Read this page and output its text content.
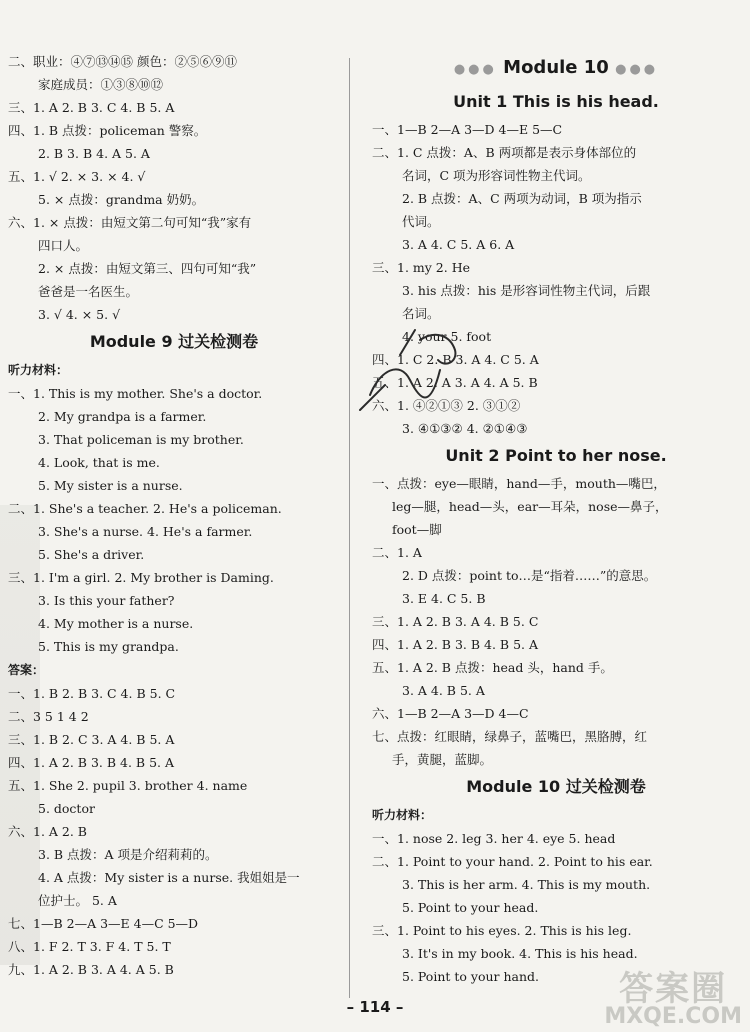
二、职业：④⑦⑬⑭⑮ 颜色：②⑤⑥⑨⑪
家庭成员：①③⑧⑩⑫
三、1. A 2. B 3. C 4. B 5. A
四、1. B 点拨：policeman 警察。
2. B 3. B 4. A 5. A
五、1. √ 2. × 3. × 4. √
5. × 点拨：grandma 奶奶。
六、1. × 点拨：由短文第二句可知“我”家有
四口人。
2. × 点拨：由短文第三、四句可知“我”
爸爸是一名医生。
3. √ 4. × 5. √
Module 9 过关检测卷
听力材料：
一、1. This is my mother. She's a doctor.
2. My grandpa is a farmer.
3. That policeman is my brother.
4. Look, that is me.
5. My sister is a nurse.
二、1. She's a teacher. 2. He's a policeman.
3. She's a nurse. 4. He's a farmer.
5. She's a driver.
三、1. I'm a girl. 2. My brother is Daming.
3. Is this your father?
4. My mother is a nurse.
5. This is my grandpa.
答案：
一、1. B 2. B 3. C 4. B 5. C
二、3 5 1 4 2
三、1. B 2. C 3. A 4. B 5. A
四、1. A 2. B 3. B 4. B 5. A
五、1. She 2. pupil 3. brother 4. name
5. doctor
六、1. A 2. B
3. B 点拨：A 项是介绍莉莉的。
4. A 点拨：My sister is a nurse. 我姐姐是一
位护士。 5. A
七、1—B 2—A 3—E 4—C 5—D
八、1. F 2. T 3. F 4. T 5. T
九、1. A 2. B 3. A 4. A 5. B
●●● Module 10 ●●●
Unit 1 This is his head.
一、1—B 2—A 3—D 4—E 5—C
二、1. C 点拨：A、B 两项都是表示身体部位的
名词，C 项为形容词性物主代词。
2. B 点拨：A、C 两项为动词，B 项为指示
代词。
3. A 4. C 5. A 6. A
三、1. my 2. He
3. his 点拨：his 是形容词性物主代词，后跟
名词。
4. your 5. foot
四、1. C 2. B 3. A 4. C 5. A
五、1. A 2. A 3. A 4. A 5. B
六、1. ④②①③ 2. ③①②
3. ④①③② 4. ②①④③
Unit 2 Point to her nose.
一、点拨：eye—眼睛，hand—手，mouth—嘴巴，
leg—腿，head—头，ear—耳朵，nose—鼻子，
foot—脚
二、1. A
2. D 点拨：point to…是“指着……”的意思。
3. E 4. C 5. B
三、1. A 2. B 3. A 4. B 5. C
四、1. A 2. B 3. B 4. B 5. A
五、1. A 2. B 点拨：head 头，hand 手。
3. A 4. B 5. A
六、1—B 2—A 3—D 4—C
七、点拨：红眼睛，绿鼻子，蓝嘴巴，黑胳膊，红
手，黄腿，蓝脚。
Module 10 过关检测卷
听力材料：
一、1. nose 2. leg 3. her 4. eye 5. head
二、1. Point to your hand. 2. Point to his ear.
3. This is her arm. 4. This is my mouth.
5. Point to your head.
三、1. Point to his eyes. 2. This is his leg.
3. It's in my book. 4. This is his head.
5. Point to your hand.
– 114 –	答案圈
MXQE.COM
